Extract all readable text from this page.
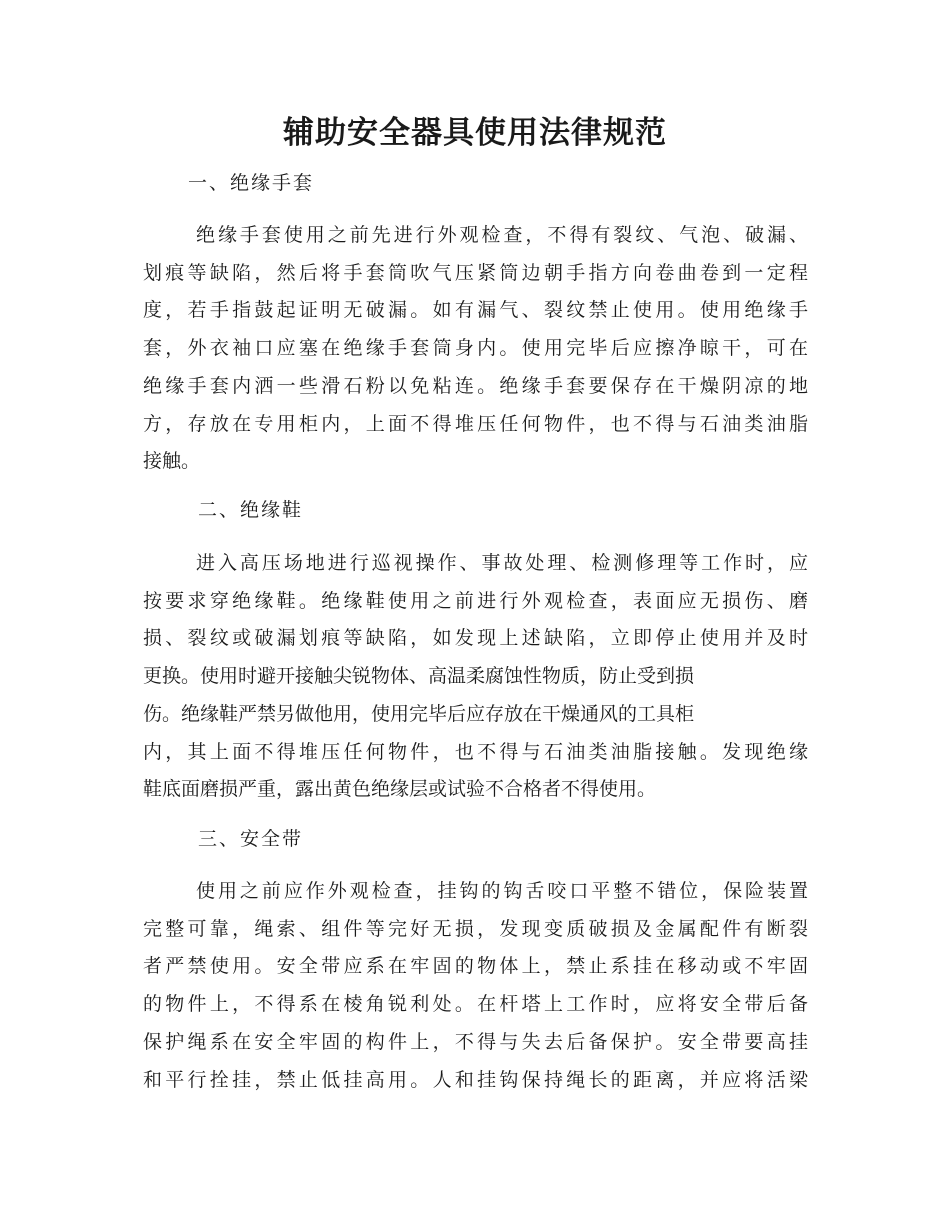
辅助安全器具使用法律规范

一、绝缘手套

绝缘手套使用之前先进行外观检查，不得有裂纹、气泡、破漏、
划痕等缺陷，然后将手套筒吹气压紧筒边朝手指方向卷曲卷到一定程
度，若手指鼓起证明无破漏。如有漏气、裂纹禁止使用。使用绝缘手
套，外衣袖口应塞在绝缘手套筒身内。使用完毕后应擦净晾干，可在
绝缘手套内洒一些滑石粉以免粘连。绝缘手套要保存在干燥阴凉的地
方，存放在专用柜内，上面不得堆压任何物件，也不得与石油类油脂
接触。

二、绝缘鞋

进入高压场地进行巡视操作、事故处理、检测修理等工作时，应
按要求穿绝缘鞋。绝缘鞋使用之前进行外观检查，表面应无损伤、磨
损、裂纹或破漏划痕等缺陷，如发现上述缺陷，立即停止使用并及时
更换。使用时避开接触尖锐物体、高温柔腐蚀性物质，防止受到损
伤。绝缘鞋严禁另做他用，使用完毕后应存放在干燥通风的工具柜
内，其上面不得堆压任何物件，也不得与石油类油脂接触。发现绝缘
鞋底面磨损严重，露出黄色绝缘层或试验不合格者不得使用。

三、安全带

使用之前应作外观检查，挂钩的钩舌咬口平整不错位，保险装置
完整可靠，绳索、组件等完好无损，发现变质破损及金属配件有断裂
者严禁使用。安全带应系在牢固的物体上，禁止系挂在移动或不牢固
的物件上，不得系在棱角锐利处。在杆塔上工作时，应将安全带后备
保护绳系在安全牢固的构件上，不得与失去后备保护。安全带要高挂
和平行拴挂，禁止低挂高用。人和挂钩保持绳长的距离，并应将活梁
